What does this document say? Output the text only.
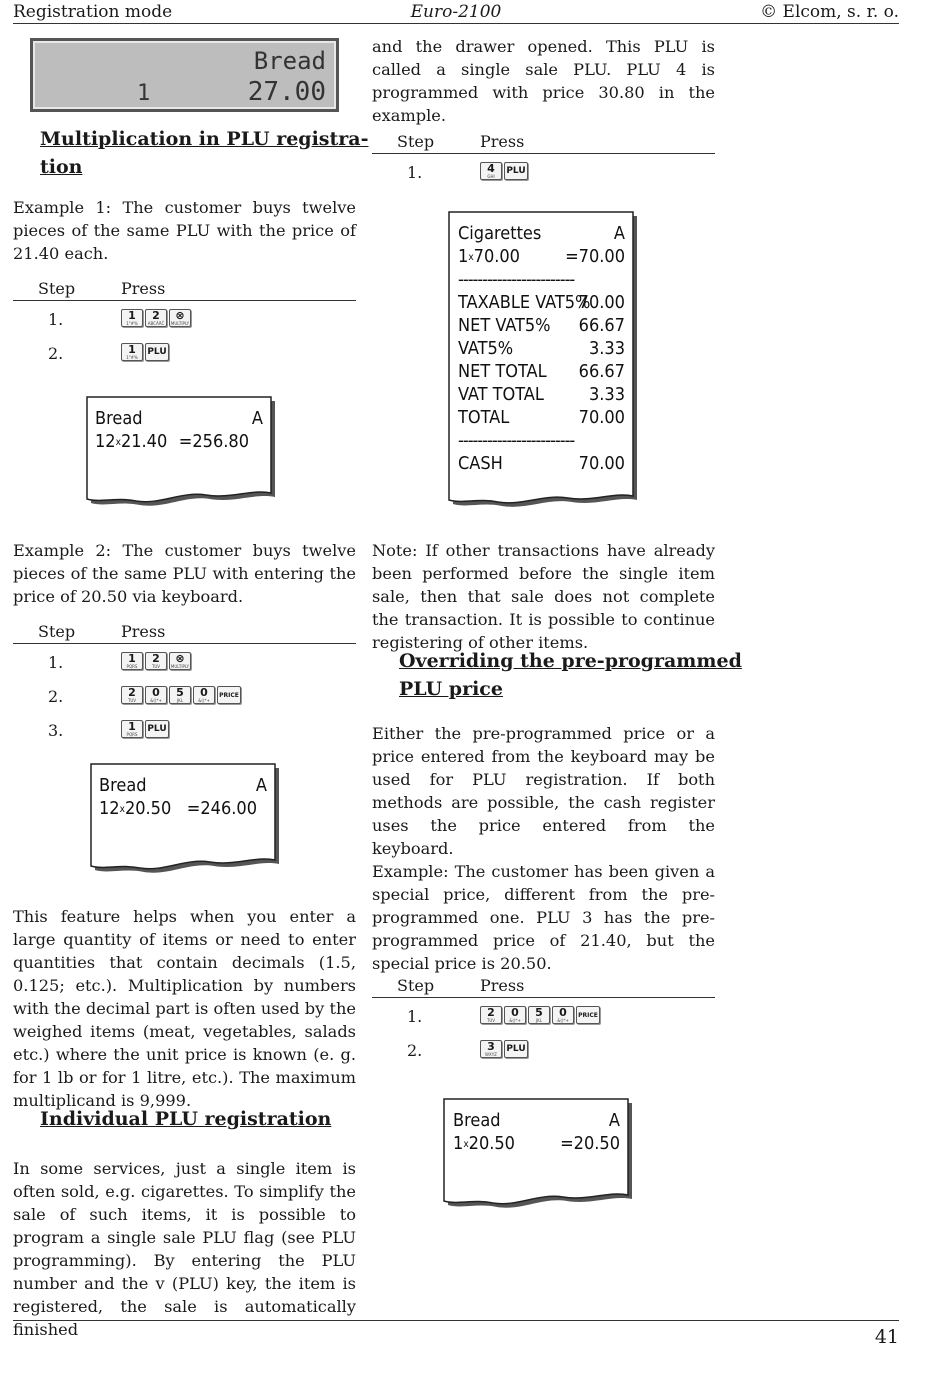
Registration mode	Euro-2100	© Elcom, s. r. o.
Bread
1	27.00
Multiplication in PLU registra-
tion
Example 1: The customer buys twelve pieces of the same PLU with the price of 21.40 each.
Step	Press
1.	1
1"#%
2
ABCÁÄČ
⊗
MULTIPLY
2.	1
1"#% PLU
Bread	A
12x21.40 =256.80
Example 2: The customer buys twelve pieces of the same PLU with entering the price of 20.50 via keyboard.
Step	Press
1.	1
PQRS
2
TUV
⊗
MULTIPLY
2.	2
TUV
0
&()*+
5
JKL
0
&()*+
PRICE
3.	1
PQRS PLU
Bread	A
12x20.50 =246.00
This feature helps when you enter a large quantity of items or need to enter quantities that contain decimals (1.5, 0.125; etc.). Multiplication by numbers with the decimal part is often used by the weighed items (meat, vegetables, salads etc.) where the unit price is known (e. g. for 1 lb or for 1 litre, etc.). The maximum multiplicand is 9,999.
Individual PLU registration
In some services, just a single item is often sold, e.g. cigarettes. To simplify the sale of such items, it is possible to program a single sale PLU flag (see PLU programming). By entering the PLU number and the v (PLU) key, the item is registered, the sale is automatically finished
and the drawer opened. This PLU is called a single sale PLU. PLU 4 is programmed with price 30.80 in the example.
Step	Press
1.	4
GHI PLU
Cigarettes	A
1x70.00	=70.00
------------------------
TAXABLE VAT5%
70.00
NET VAT5% 66.67
VAT5%	3.33
NET TOTAL 66.67
VAT TOTAL	3.33
TOTAL	70.00
------------------------
CASH	70.00
Note: If other transactions have already been performed before the single item sale, then that sale does not complete the transaction. It is possible to continue registering of other items.
Overriding the pre-programmed
PLU price
Either the pre-programmed price or a price entered from the keyboard may be used for PLU registration. If both methods are possible, the cash register uses the price entered from the keyboard.
Example: The customer has been given a special price, different from the pre-programmed one. PLU 3 has the pre-programmed price of 21.40, but the special price is 20.50.
Step	Press
1.	2
TUV
0
&()*+
5
JKL
0
&()*+
PRICE
2.	3
WXYZ PLU
Bread	A
1x20.50	=20.50
41
